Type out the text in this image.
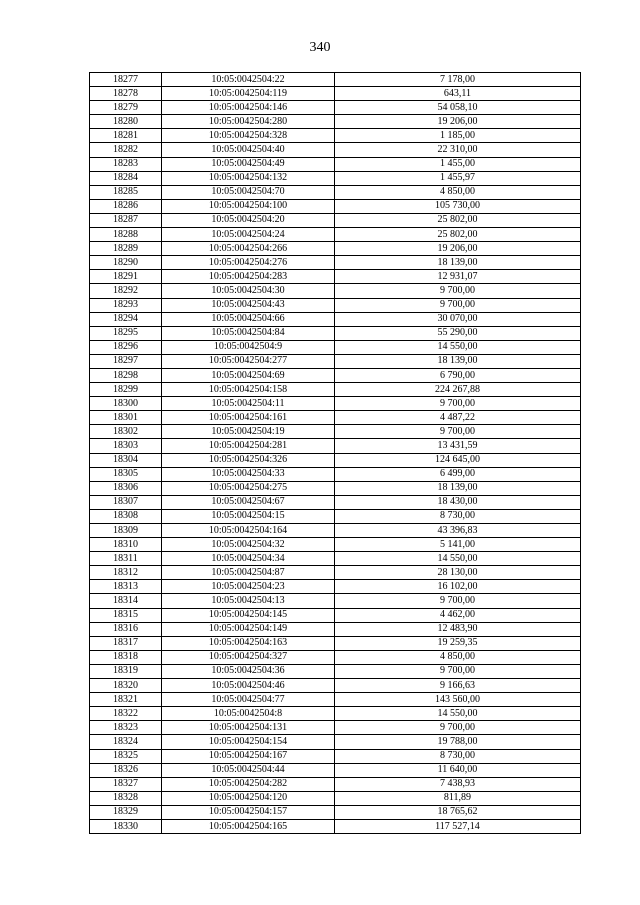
340
18277	10:05:0042504:22	7 178,00
18278	10:05:0042504:119	643,11
18279	10:05:0042504:146	54 058,10
18280	10:05:0042504:280	19 206,00
18281	10:05:0042504:328	1 185,00
18282	10:05:0042504:40	22 310,00
18283	10:05:0042504:49	1 455,00
18284	10:05:0042504:132	1 455,97
18285	10:05:0042504:70	4 850,00
18286	10:05:0042504:100	105 730,00
18287	10:05:0042504:20	25 802,00
18288	10:05:0042504:24	25 802,00
18289	10:05:0042504:266	19 206,00
18290	10:05:0042504:276	18 139,00
18291	10:05:0042504:283	12 931,07
18292	10:05:0042504:30	9 700,00
18293	10:05:0042504:43	9 700,00
18294	10:05:0042504:66	30 070,00
18295	10:05:0042504:84	55 290,00
18296	10:05:0042504:9	14 550,00
18297	10:05:0042504:277	18 139,00
18298	10:05:0042504:69	6 790,00
18299	10:05:0042504:158	224 267,88
18300	10:05:0042504:11	9 700,00
18301	10:05:0042504:161	4 487,22
18302	10:05:0042504:19	9 700,00
18303	10:05:0042504:281	13 431,59
18304	10:05:0042504:326	124 645,00
18305	10:05:0042504:33	6 499,00
18306	10:05:0042504:275	18 139,00
18307	10:05:0042504:67	18 430,00
18308	10:05:0042504:15	8 730,00
18309	10:05:0042504:164	43 396,83
18310	10:05:0042504:32	5 141,00
18311	10:05:0042504:34	14 550,00
18312	10:05:0042504:87	28 130,00
18313	10:05:0042504:23	16 102,00
18314	10:05:0042504:13	9 700,00
18315	10:05:0042504:145	4 462,00
18316	10:05:0042504:149	12 483,90
18317	10:05:0042504:163	19 259,35
18318	10:05:0042504:327	4 850,00
18319	10:05:0042504:36	9 700,00
18320	10:05:0042504:46	9 166,63
18321	10:05:0042504:77	143 560,00
18322	10:05:0042504:8	14 550,00
18323	10:05:0042504:131	9 700,00
18324	10:05:0042504:154	19 788,00
18325	10:05:0042504:167	8 730,00
18326	10:05:0042504:44	11 640,00
18327	10:05:0042504:282	7 438,93
18328	10:05:0042504:120	811,89
18329	10:05:0042504:157	18 765,62
18330	10:05:0042504:165	117 527,14
